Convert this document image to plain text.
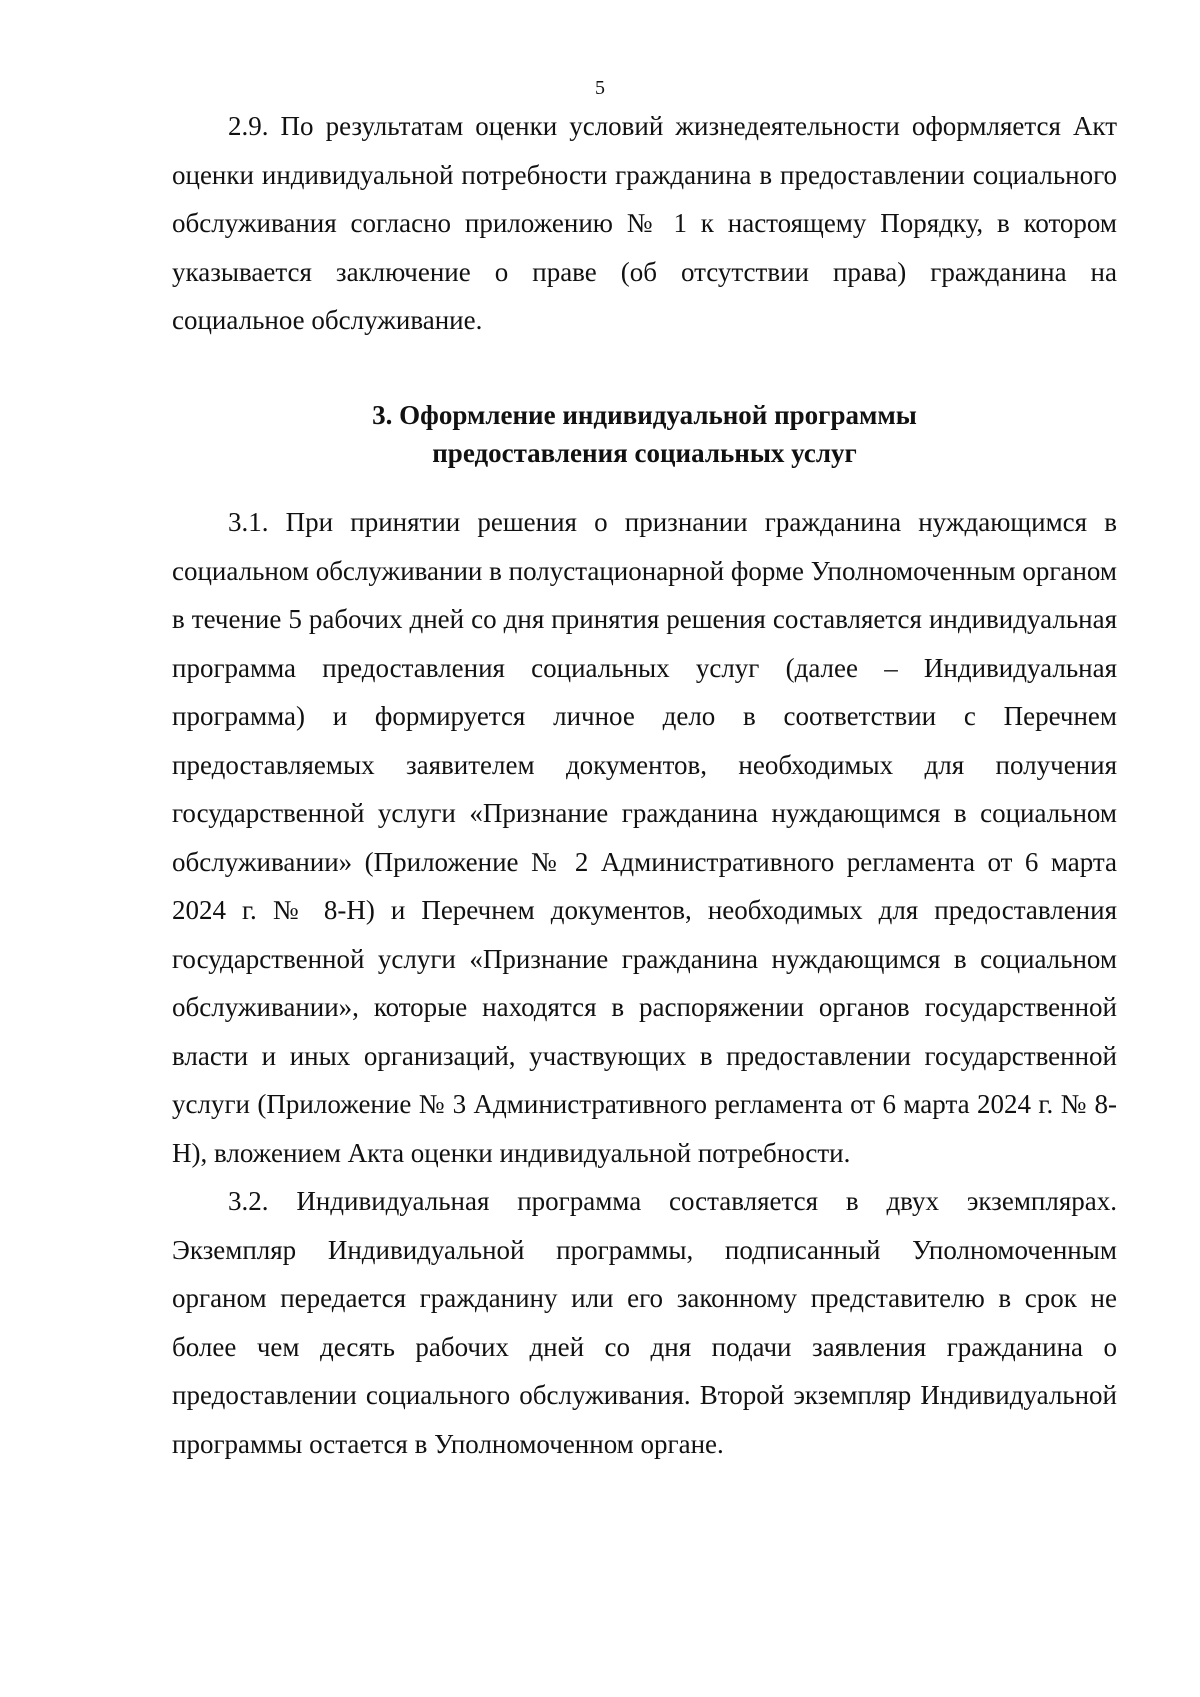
5

2.9. По результатам оценки условий жизнедеятельности оформляется Акт оценки индивидуальной потребности гражданина в предоставлении социального обслуживания согласно приложению № 1 к настоящему Порядку, в котором указывается заключение о праве (об отсутствии права) гражданина на социальное обслуживание.

3. Оформление индивидуальной программы
предоставления социальных услуг

3.1. При принятии решения о признании гражданина нуждающимся в социальном обслуживании в полустационарной форме Уполномоченным органом в течение 5 рабочих дней со дня принятия решения составляется индивидуальная программа предоставления социальных услуг (далее – Индивидуальная программа) и формируется личное дело в соответствии с Перечнем предоставляемых заявителем документов, необходимых для получения государственной услуги «Признание гражданина нуждающимся в социальном обслуживании» (Приложение № 2 Административного регламента от 6 марта 2024 г. № 8-Н) и Перечнем документов, необходимых для предоставления государственной услуги «Признание гражданина нуждающимся в социальном обслуживании», которые находятся в распоряжении органов государственной власти и иных организаций, участвующих в предоставлении государственной услуги (Приложение № 3 Административного регламента от 6 марта 2024 г. № 8-Н), вложением Акта оценки индивидуальной потребности.

3.2. Индивидуальная программа составляется в двух экземплярах. Экземпляр Индивидуальной программы, подписанный Уполномоченным органом передается гражданину или его законному представителю в срок не более чем десять рабочих дней со дня подачи заявления гражданина о предоставлении социального обслуживания. Второй экземпляр Индивидуальной программы остается в Уполномоченном органе.
